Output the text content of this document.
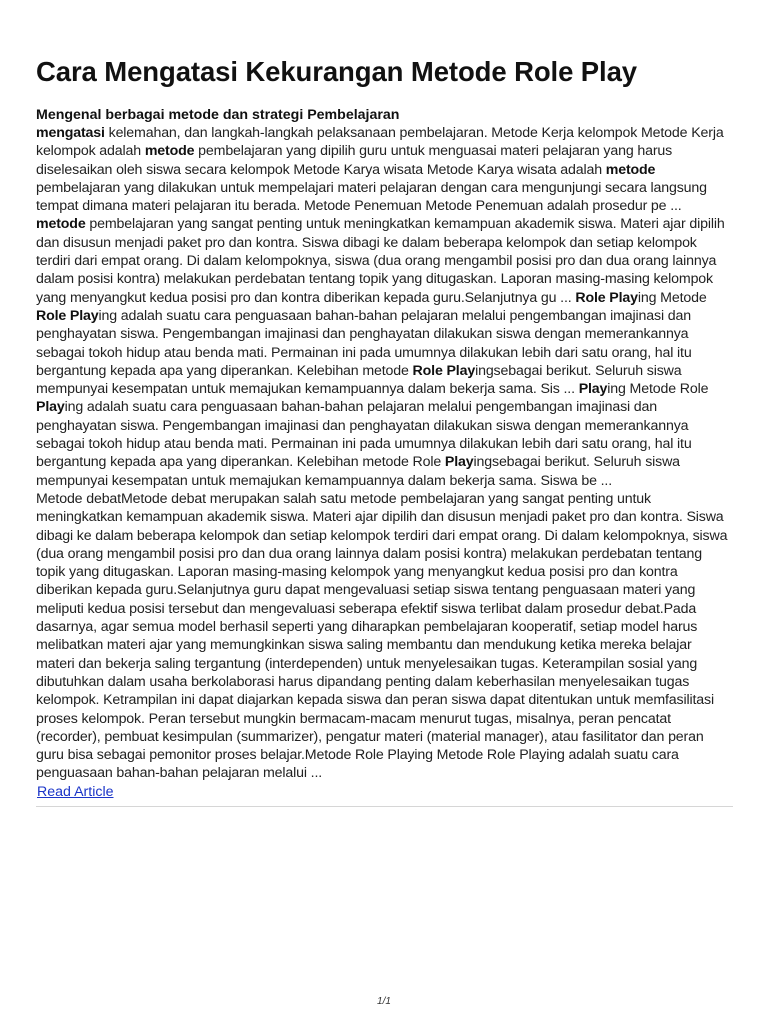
Cara Mengatasi Kekurangan Metode Role Play
Mengenal berbagai metode dan strategi Pembelajaran
mengatasi kelemahan, dan langkah-langkah pelaksanaan pembelajaran. Metode Kerja kelompok Metode Kerja
kelompok adalah metode pembelajaran yang dipilih guru untuk menguasai materi pelajaran yang harus
diselesaikan oleh siswa secara kelompok Metode Karya wisata Metode Karya wisata adalah metode
pembelajaran yang dilakukan untuk mempelajari materi pelajaran dengan cara mengunjungi secara langsung
tempat dimana materi pelajaran itu berada. Metode Penemuan Metode Penemuan adalah prosedur pe ...
metode pembelajaran yang sangat penting untuk meningkatkan kemampuan akademik siswa. Materi ajar dipilih
dan disusun menjadi paket pro dan kontra. Siswa dibagi ke dalam beberapa kelompok dan setiap kelompok
terdiri dari empat orang. Di dalam kelompoknya, siswa (dua orang mengambil posisi pro dan dua orang lainnya
dalam posisi kontra) melakukan perdebatan tentang topik yang ditugaskan. Laporan masing-masing kelompok
yang menyangkut kedua posisi pro dan kontra diberikan kepada guru.Selanjutnya gu ... Role Playing Metode
Role Playing adalah suatu cara penguasaan bahan-bahan pelajaran melalui pengembangan imajinasi dan
penghayatan siswa. Pengembangan imajinasi dan penghayatan dilakukan siswa dengan memerankannya
sebagai tokoh hidup atau benda mati. Permainan ini pada umumnya dilakukan lebih dari satu orang, hal itu
bergantung kepada apa yang diperankan. Kelebihan metode Role Playingsebagai berikut. Seluruh siswa
mempunyai kesempatan untuk memajukan kemampuannya dalam bekerja sama. Sis ... Playing Metode Role
Playing adalah suatu cara penguasaan bahan-bahan pelajaran melalui pengembangan imajinasi dan
penghayatan siswa. Pengembangan imajinasi dan penghayatan dilakukan siswa dengan memerankannya
sebagai tokoh hidup atau benda mati. Permainan ini pada umumnya dilakukan lebih dari satu orang, hal itu
bergantung kepada apa yang diperankan. Kelebihan metode Role Playingsebagai berikut. Seluruh siswa
mempunyai kesempatan untuk memajukan kemampuannya dalam bekerja sama. Siswa be ...
Metode debatMetode debat merupakan salah satu metode pembelajaran yang sangat penting untuk
meningkatkan kemampuan akademik siswa. Materi ajar dipilih dan disusun menjadi paket pro dan kontra. Siswa
dibagi ke dalam beberapa kelompok dan setiap kelompok terdiri dari empat orang. Di dalam kelompoknya, siswa
(dua orang mengambil posisi pro dan dua orang lainnya dalam posisi kontra) melakukan perdebatan tentang
topik yang ditugaskan. Laporan masing-masing kelompok yang menyangkut kedua posisi pro dan kontra
diberikan kepada guru.Selanjutnya guru dapat mengevaluasi setiap siswa tentang penguasaan materi yang
meliputi kedua posisi tersebut dan mengevaluasi seberapa efektif siswa terlibat dalam prosedur debat.Pada
dasarnya, agar semua model berhasil seperti yang diharapkan pembelajaran kooperatif, setiap model harus
melibatkan materi ajar yang memungkinkan siswa saling membantu dan mendukung ketika mereka belajar
materi dan bekerja saling tergantung (interdependen) untuk menyelesaikan tugas. Keterampilan sosial yang
dibutuhkan dalam usaha berkolaborasi harus dipandang penting dalam keberhasilan menyelesaikan tugas
kelompok. Ketrampilan ini dapat diajarkan kepada siswa dan peran siswa dapat ditentukan untuk memfasilitasi
proses kelompok. Peran tersebut mungkin bermacam-macam menurut tugas, misalnya, peran pencatat
(recorder), pembuat kesimpulan (summarizer), pengatur materi (material manager), atau fasilitator dan peran
guru bisa sebagai pemonitor proses belajar.Metode Role Playing Metode Role Playing adalah suatu cara
penguasaan bahan-bahan pelajaran melalui ...
Read Article
1/1
